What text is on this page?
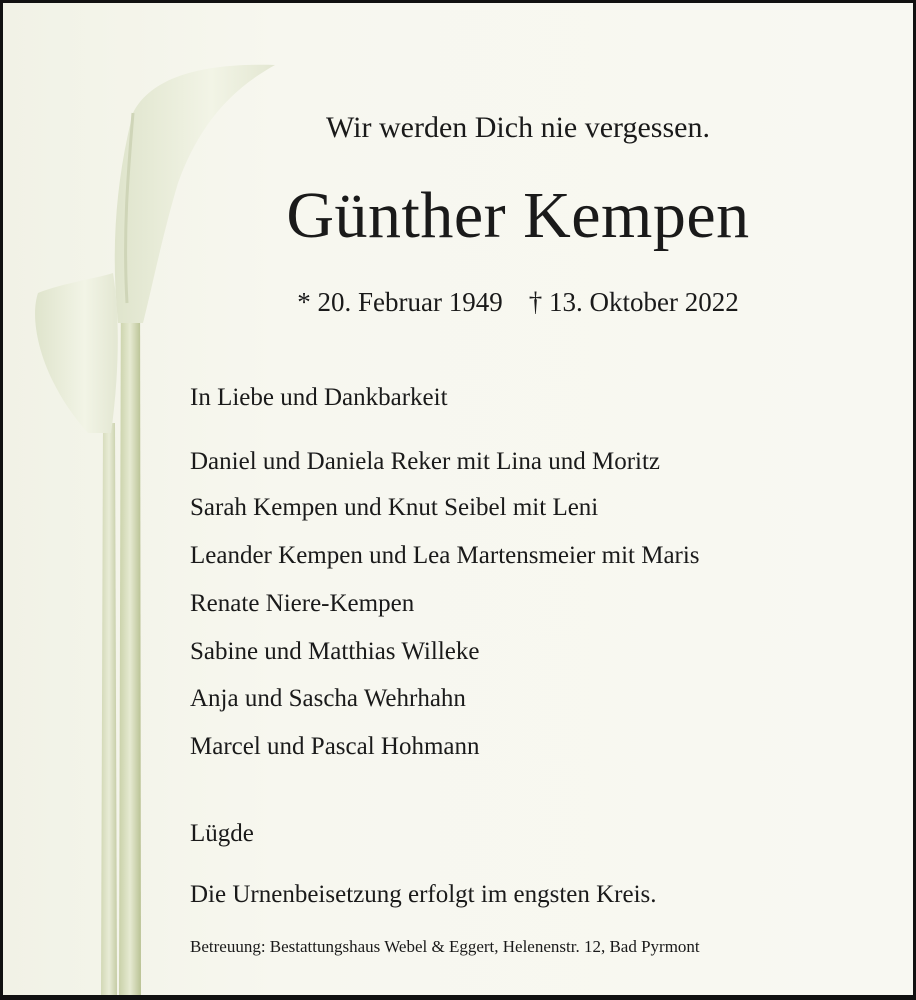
Wir werden Dich nie vergessen.
Günther Kempen
* 20. Februar 1949 † 13. Oktober 2022
In Liebe und Dankbarkeit
Daniel und Daniela Reker mit Lina und Moritz
Sarah Kempen und Knut Seibel mit Leni
Leander Kempen und Lea Martensmeier mit Maris
Renate Niere-Kempen
Sabine und Matthias Willeke
Anja und Sascha Wehrhahn
Marcel und Pascal Hohmann
Lügde
Die Urnenbeisetzung erfolgt im engsten Kreis.
Betreuung: Bestattungshaus Webel & Eggert, Helenenstr. 12, Bad Pyrmont
